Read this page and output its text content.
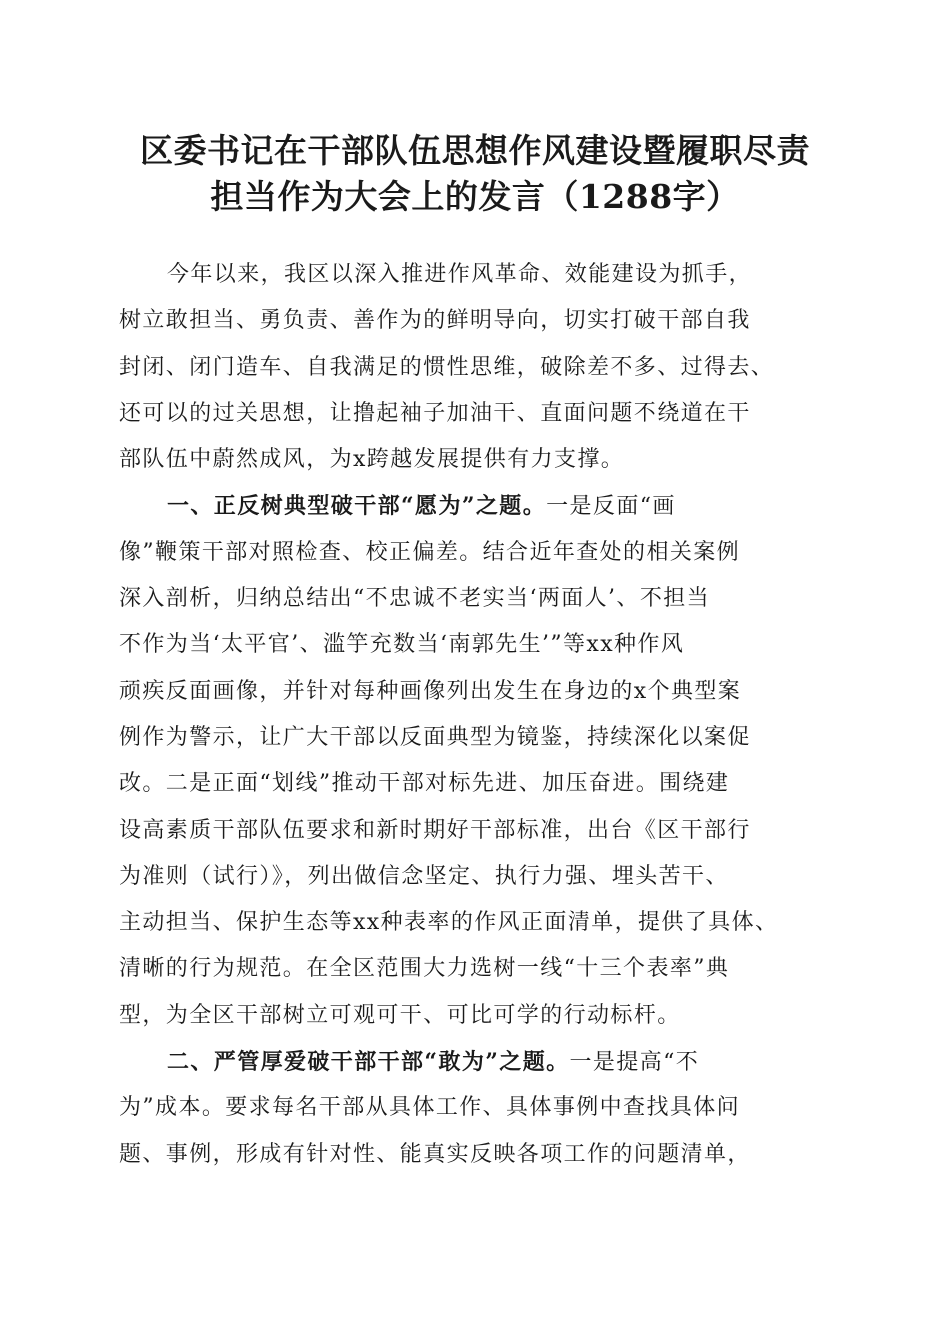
区委书记在干部队伍思想作风建设暨履职尽责
担当作为大会上的发言（1288字）

今年以来，我区以深入推进作风革命、效能建设为抓手，
树立敢担当、勇负责、善作为的鲜明导向，切实打破干部自我
封闭、闭门造车、自我满足的惯性思维，破除差不多、过得去、
还可以的过关思想，让撸起袖子加油干、直面问题不绕道在干
部队伍中蔚然成风，为x跨越发展提供有力支撑。

一、正反树典型破干部“愿为”之题。一是反面“画
像”鞭策干部对照检查、校正偏差。结合近年查处的相关案例
深入剖析，归纳总结出“不忠诚不老实当‘两面人’、不担当
不作为当‘太平官’、滥竽充数当‘南郭先生’”等xx种作风
顽疾反面画像，并针对每种画像列出发生在身边的x个典型案
例作为警示，让广大干部以反面典型为镜鉴，持续深化以案促
改。二是正面“划线”推动干部对标先进、加压奋进。围绕建
设高素质干部队伍要求和新时期好干部标准，出台《区干部行
为准则（试行）》，列出做信念坚定、执行力强、埋头苦干、
主动担当、保护生态等xx种表率的作风正面清单，提供了具体、
清晰的行为规范。在全区范围大力选树一线“十三个表率”典
型，为全区干部树立可观可干、可比可学的行动标杆。

二、严管厚爱破干部干部“敢为”之题。一是提高“不
为”成本。要求每名干部从具体工作、具体事例中查找具体问
题、事例，形成有针对性、能真实反映各项工作的问题清单，
